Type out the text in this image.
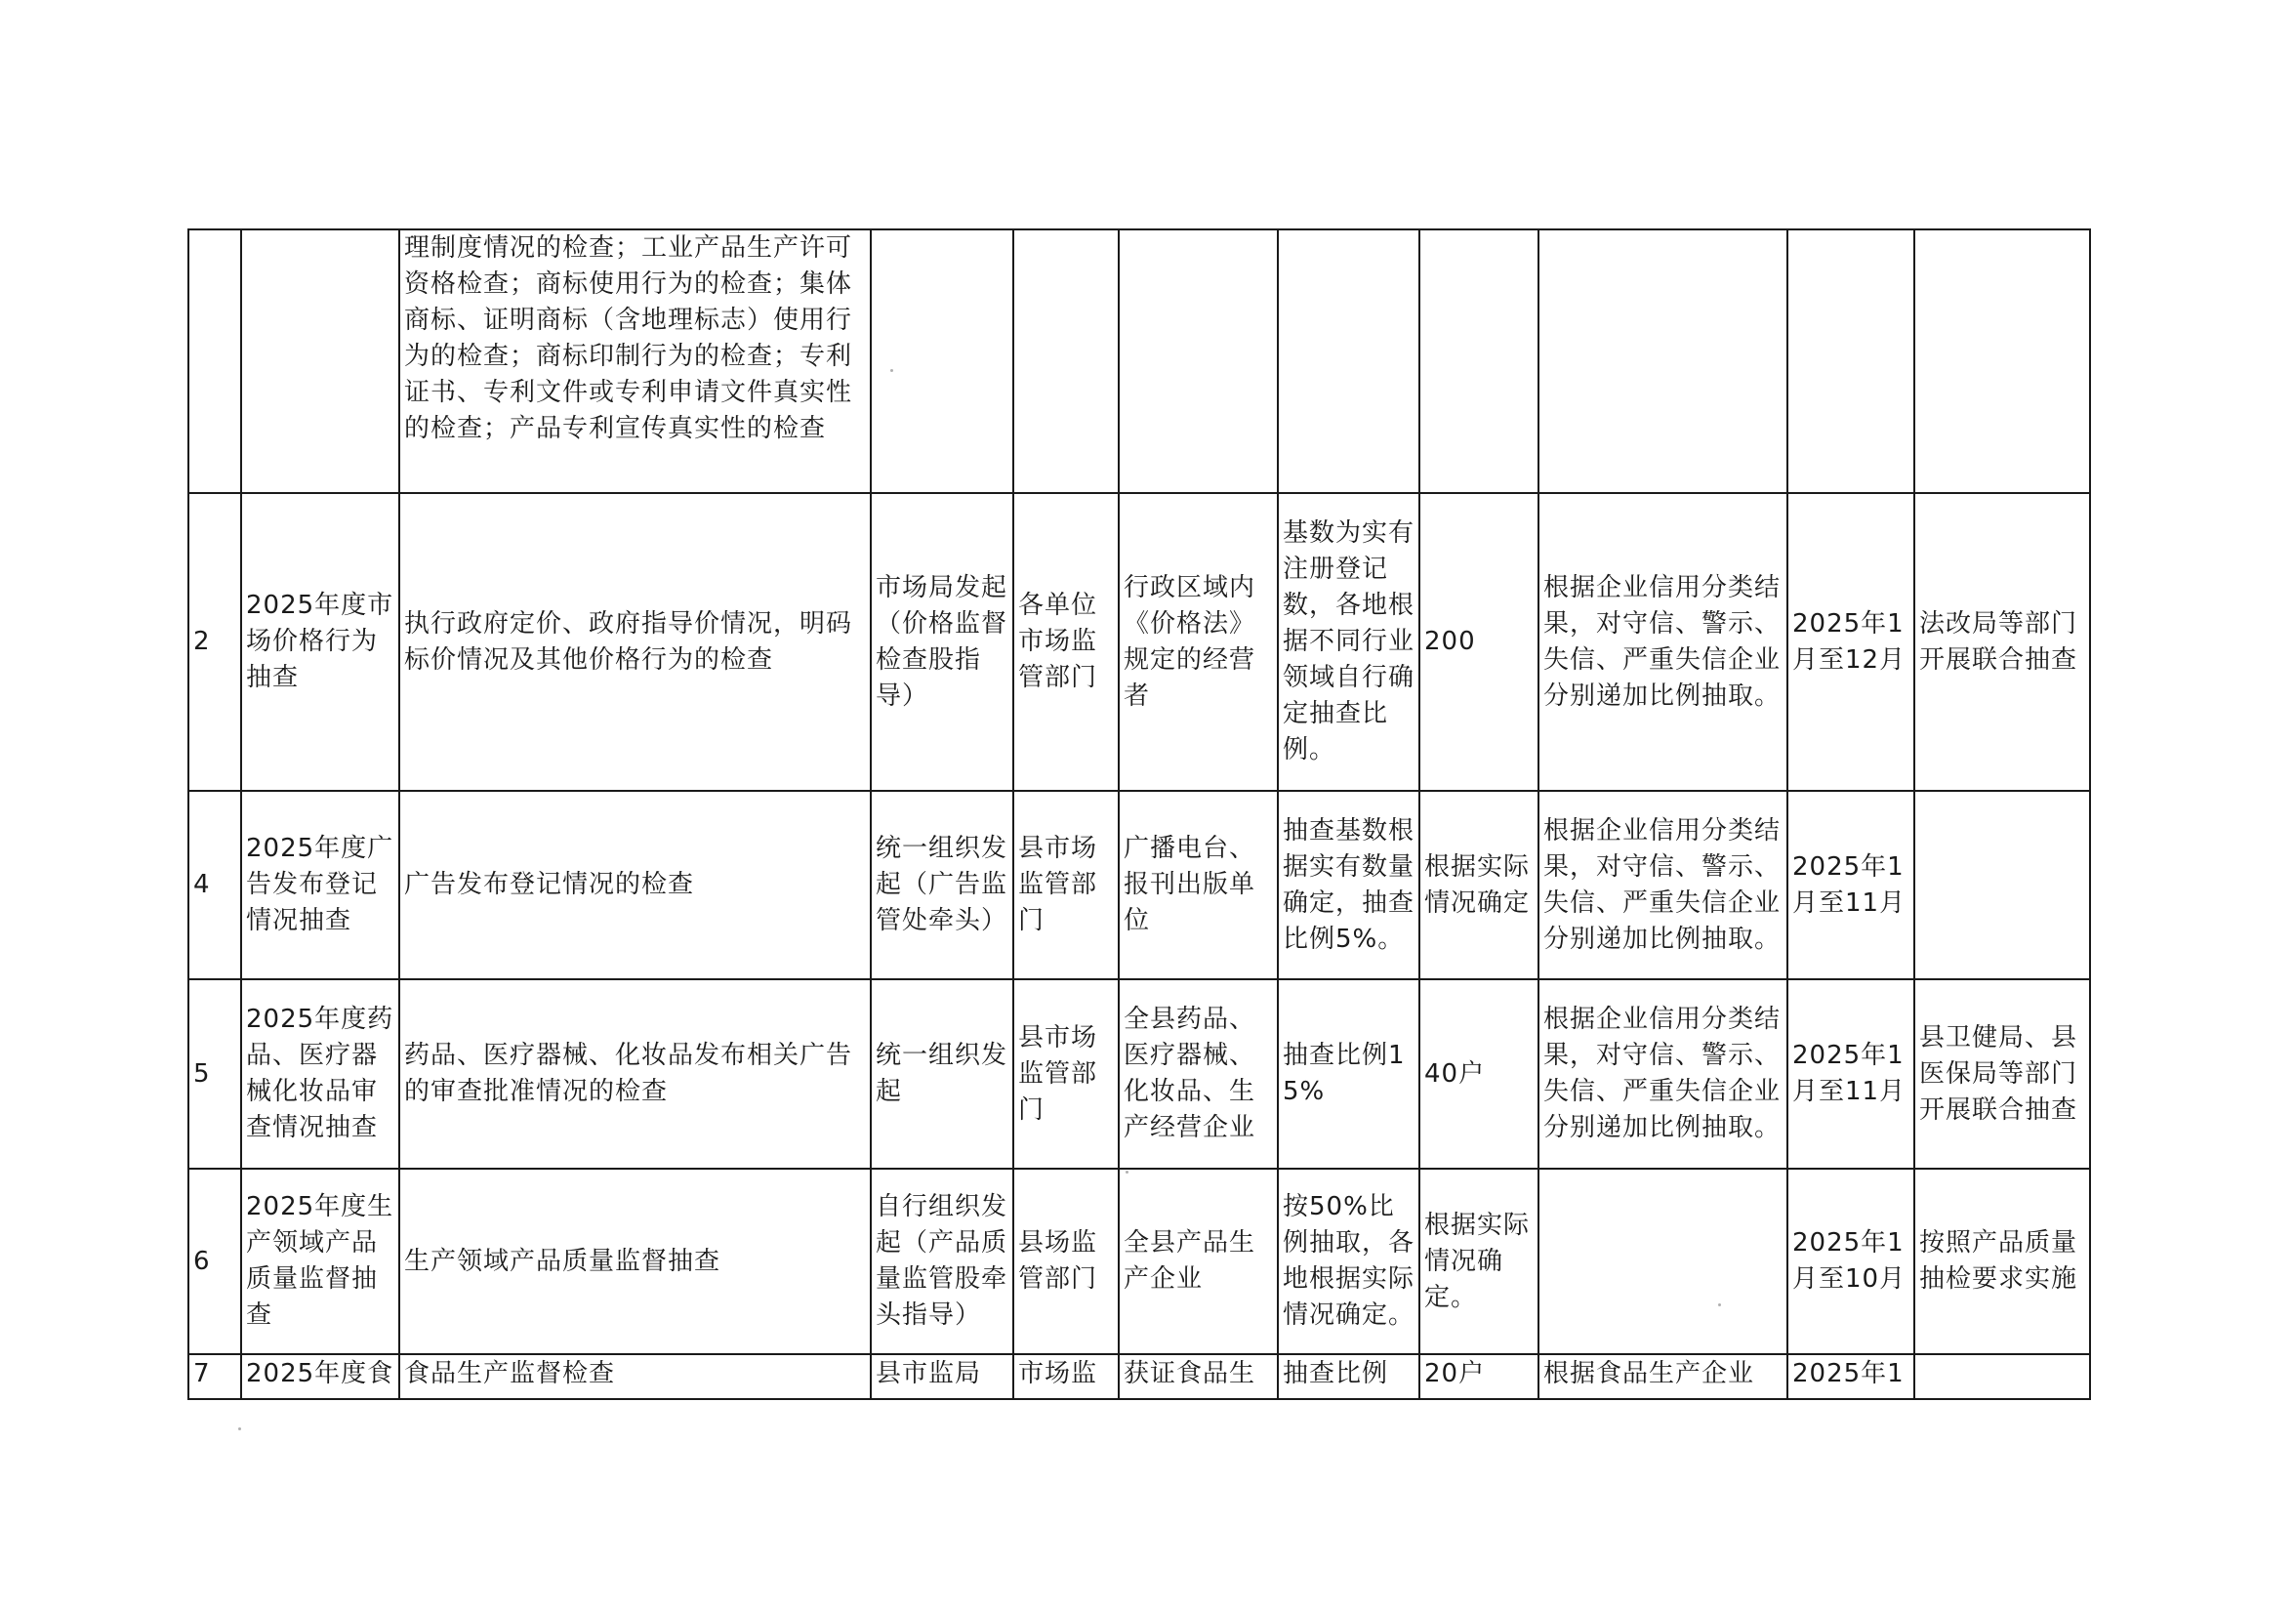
		理制度情况的检查；工业产品生产许可资格检查；商标使用行为的检查；集体商标、证明商标（含地理标志）使用行为的检查；商标印制行为的检查；专利证书、专利文件或专利申请文件真实性的检查；产品专利宣传真实性的检查								
2	2025年度市场价格行为抽查	执行政府定价、政府指导价情况，明码标价情况及其他价格行为的检查	市场局发起（价格监督检查股指导）	各单位市场监管部门	行政区域内《价格法》规定的经营者	基数为实有注册登记数，各地根据不同行业领域自行确定抽查比例。	200	根据企业信用分类结果，对守信、警示、失信、严重失信企业分别递加比例抽取。	2025年1月至12月	法改局等部门开展联合抽查
4	2025年度广告发布登记情况抽查	广告发布登记情况的检查	统一组织发起（广告监管处牵头）	县市场监管部门	广播电台、报刊出版单位	抽查基数根据实有数量确定，抽查比例5%。	根据实际情况确定	根据企业信用分类结果，对守信、警示、失信、严重失信企业分别递加比例抽取。	2025年1月至11月	
5	2025年度药品、医疗器械化妆品审查情况抽查	药品、医疗器械、化妆品发布相关广告的审查批准情况的检查	统一组织发起	县市场监管部门	全县药品、医疗器械、化妆品、生产经营企业	抽查比例15%	40户	根据企业信用分类结果，对守信、警示、失信、严重失信企业分别递加比例抽取。	2025年1月至11月	县卫健局、县医保局等部门开展联合抽查
6	2025年度生产领域产品质量监督抽查	生产领域产品质量监督抽查	自行组织发起（产品质量监管股牵头指导）	县场监管部门	全县产品生产企业	按50%比例抽取，各地根据实际情况确定。	根据实际情况确定。		2025年1月至10月	按照产品质量抽检要求实施
7	2025年度食	食品生产监督检查	县市监局	市场监	获证食品生	抽查比例	20户	根据食品生产企业	2025年1	
